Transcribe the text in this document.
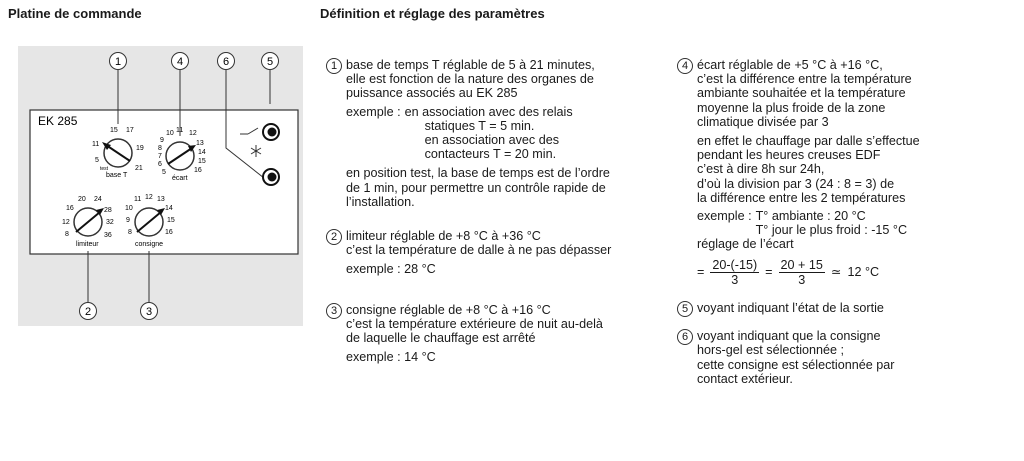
Platine de commande	Définition et réglage des paramètres
1	4	6	5
2	3
EK 285
15 17
11
19
5
21
test
base T
10 11
9
12
8
13
7
14
6	15
5	16
écart
20 24
16	28
12	32
8	36
limiteur
11 12 13
10	14
9	15
8	16
consigne
1 base de temps T réglable de 5 à 21 minutes,
elle est fonction de la nature des organes de
puissance associés au EK 285
exemple : en association avec des relais
statiques T = 5 min.
en association avec des
contacteurs T = 20 min.
en position test, la base de temps est de l’ordre
de 1 min, pour permettre un contrôle rapide de
l’installation.
2 limiteur réglable de +8 °C à +36 °C
c’est la température de dalle à ne pas dépasser
exemple : 28 °C
3 consigne réglable de +8 °C à +16 °C
c’est la température extérieure de nuit au-delà
de laquelle le chauffage est arrêté
exemple : 14 °C
4 écart réglable de +5 °C à +16 °C,
c’est la différence entre la température
ambiante souhaitée et la température
moyenne la plus froide de la zone
climatique divisée par 3
en effet le chauffage par dalle s’effectue
pendant les heures creuses EDF
c’est à dire 8h sur 24h,
d’où la division par 3 (24 : 8 = 3) de
la différence entre les 2 températures
exemple : T° ambiante : 20 °C
T° jour le plus froid : -15 °C
réglage de l’écart
= $\frac{20-(-15)}{3} = \frac{20 + 15}{3}$ ≃ 12 °C
5 voyant indiquant l’état de la sortie
6 voyant indiquant que la consigne
hors-gel est sélectionnée ;
cette consigne est sélectionnée par
contact extérieur.
